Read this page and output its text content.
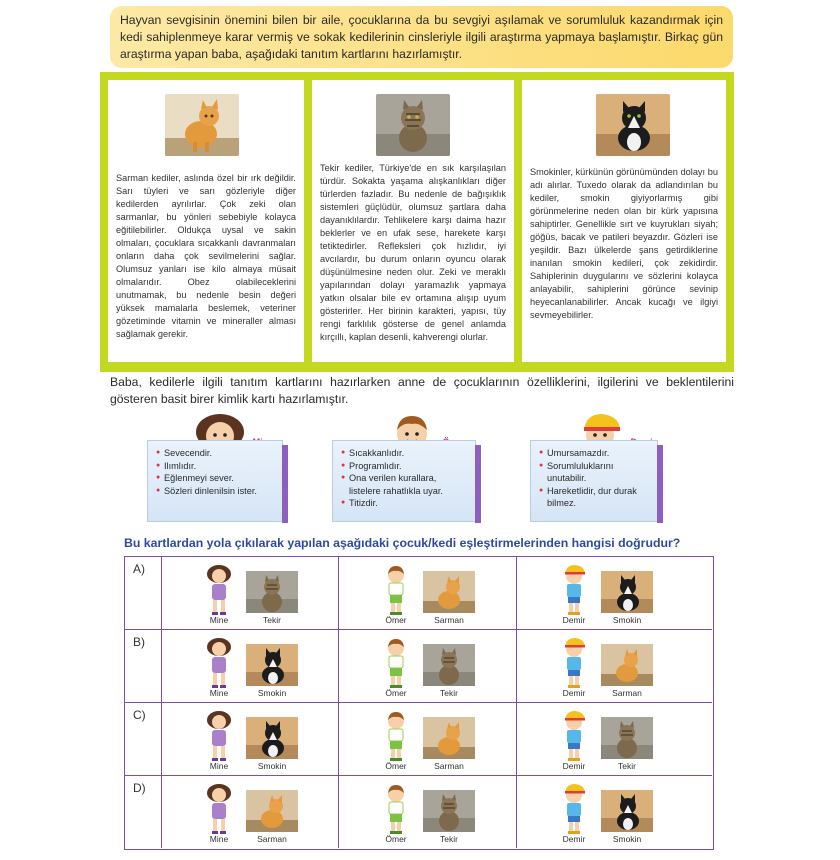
Hayvan sevgisinin önemini bilen bir aile, çocuklarına da bu sevgiyi aşılamak ve sorumluluk kazandırmak için kedi sahiplenmeye karar vermiş ve sokak kedilerinin cinsleriyle ilgili araştırma yapmaya başlamıştır. Birkaç gün araştırma yapan baba, aşağıdaki tanıtım kartlarını hazırlamıştır.
Sarman kediler, aslında özel bir ırk değildir. Sarı tüyleri ve sarı gözleriyle diğer kedilerden ayrılırlar. Çok zeki olan sarmanlar, bu yönleri sebebiyle kolayca eğitilebilirler. Oldukça uysal ve sakin olmaları, çocuklara sıcakkanlı davranmaları onların daha çok sevilmelerini sağlar. Olumsuz yanları ise kilo almaya müsait olmalarıdır. Obez olabileceklerini unutmamak, bu nedenle besin değeri yüksek mamalarla beslemek, veteriner gözetiminde vitamin ve mineraller alması sağlamak gerekir.
Tekir kediler, Türkiye'de en sık karşılaşılan türdür. Sokakta yaşama alışkanlıkları diğer türlerden fazladır. Bu nedenle de bağışıklık sistemleri güçlüdür, olumsuz şartlara daha dayanıklılardır. Tehlikelere karşı daima hazır beklerler ve en ufak sese, harekete karşı tetiktedirler. Refleksleri çok hızlıdır, iyi avcılardır, bu durum onların oyuncu olarak düşünülmesine neden olur. Zeki ve meraklı yapılarından dolayı yaramazlık yapmaya yatkın olsalar bile ev ortamına alışıp uyum gösterirler. Her birinin karakteri, yapısı, tüy rengi farklılık gösterse de genel anlamda kırçıllı, kaplan desenli, kahverengi olurlar.
Smokinler, kürkünün görünümünden dolayı bu adı alırlar. Tuxedo olarak da adlandırılan bu kediler, smokin giyiyorlarmış gibi görünmelerine neden olan bir kürk yapısına sahiptirler. Genellikle sırt ve kuyrukları siyah; göğüs, bacak ve patileri beyazdır. Gözleri ise yeşildir. Bazı ülkelerde şans getirdiklerine inanılan smokin kedileri, çok zekidirdir. Sahiplerinin duygularını ve sözlerini kolayca anlayabilir, sahiplerini görünce sevinip heyecanlanabilirler. Ancak kucağı ve ilgiyi sevmeyebilirler.
Baba, kedilerle ilgili tanıtım kartlarını hazırlarken anne de çocuklarının özelliklerini, ilgilerini ve beklentilerini gösteren basit birer kimlik kartı hazırlamıştır.
● Sevecendir.
● Ilımlıdır.
● Eğlenmeyi sever.
● Sözleri dinlenilsin ister.
● Sıcakkanlıdır.
● Programlıdır.
● Ona verilen kurallara, listelere rahatlıkla uyar.
● Titizdir.
● Umursamazdır.
● Sorumluluklarını unutabilir.
● Hareketlidir, dur durak bilmez.
Bu kartlardan yola çıkılarak yapılan aşağıdaki çocuk/kedi eşleştirmelerinden hangisi doğrudur?
A)
Mine	Tekir	Ömer	Sarman	Demir	Smokin
B)
Mine	Smokin	Ömer	Tekir	Demir	Sarman
C)
Mine	Smokin	Ömer	Sarman	Demir	Tekir
D)
Mine	Sarman	Ömer	Tekir	Demir	Smokin
